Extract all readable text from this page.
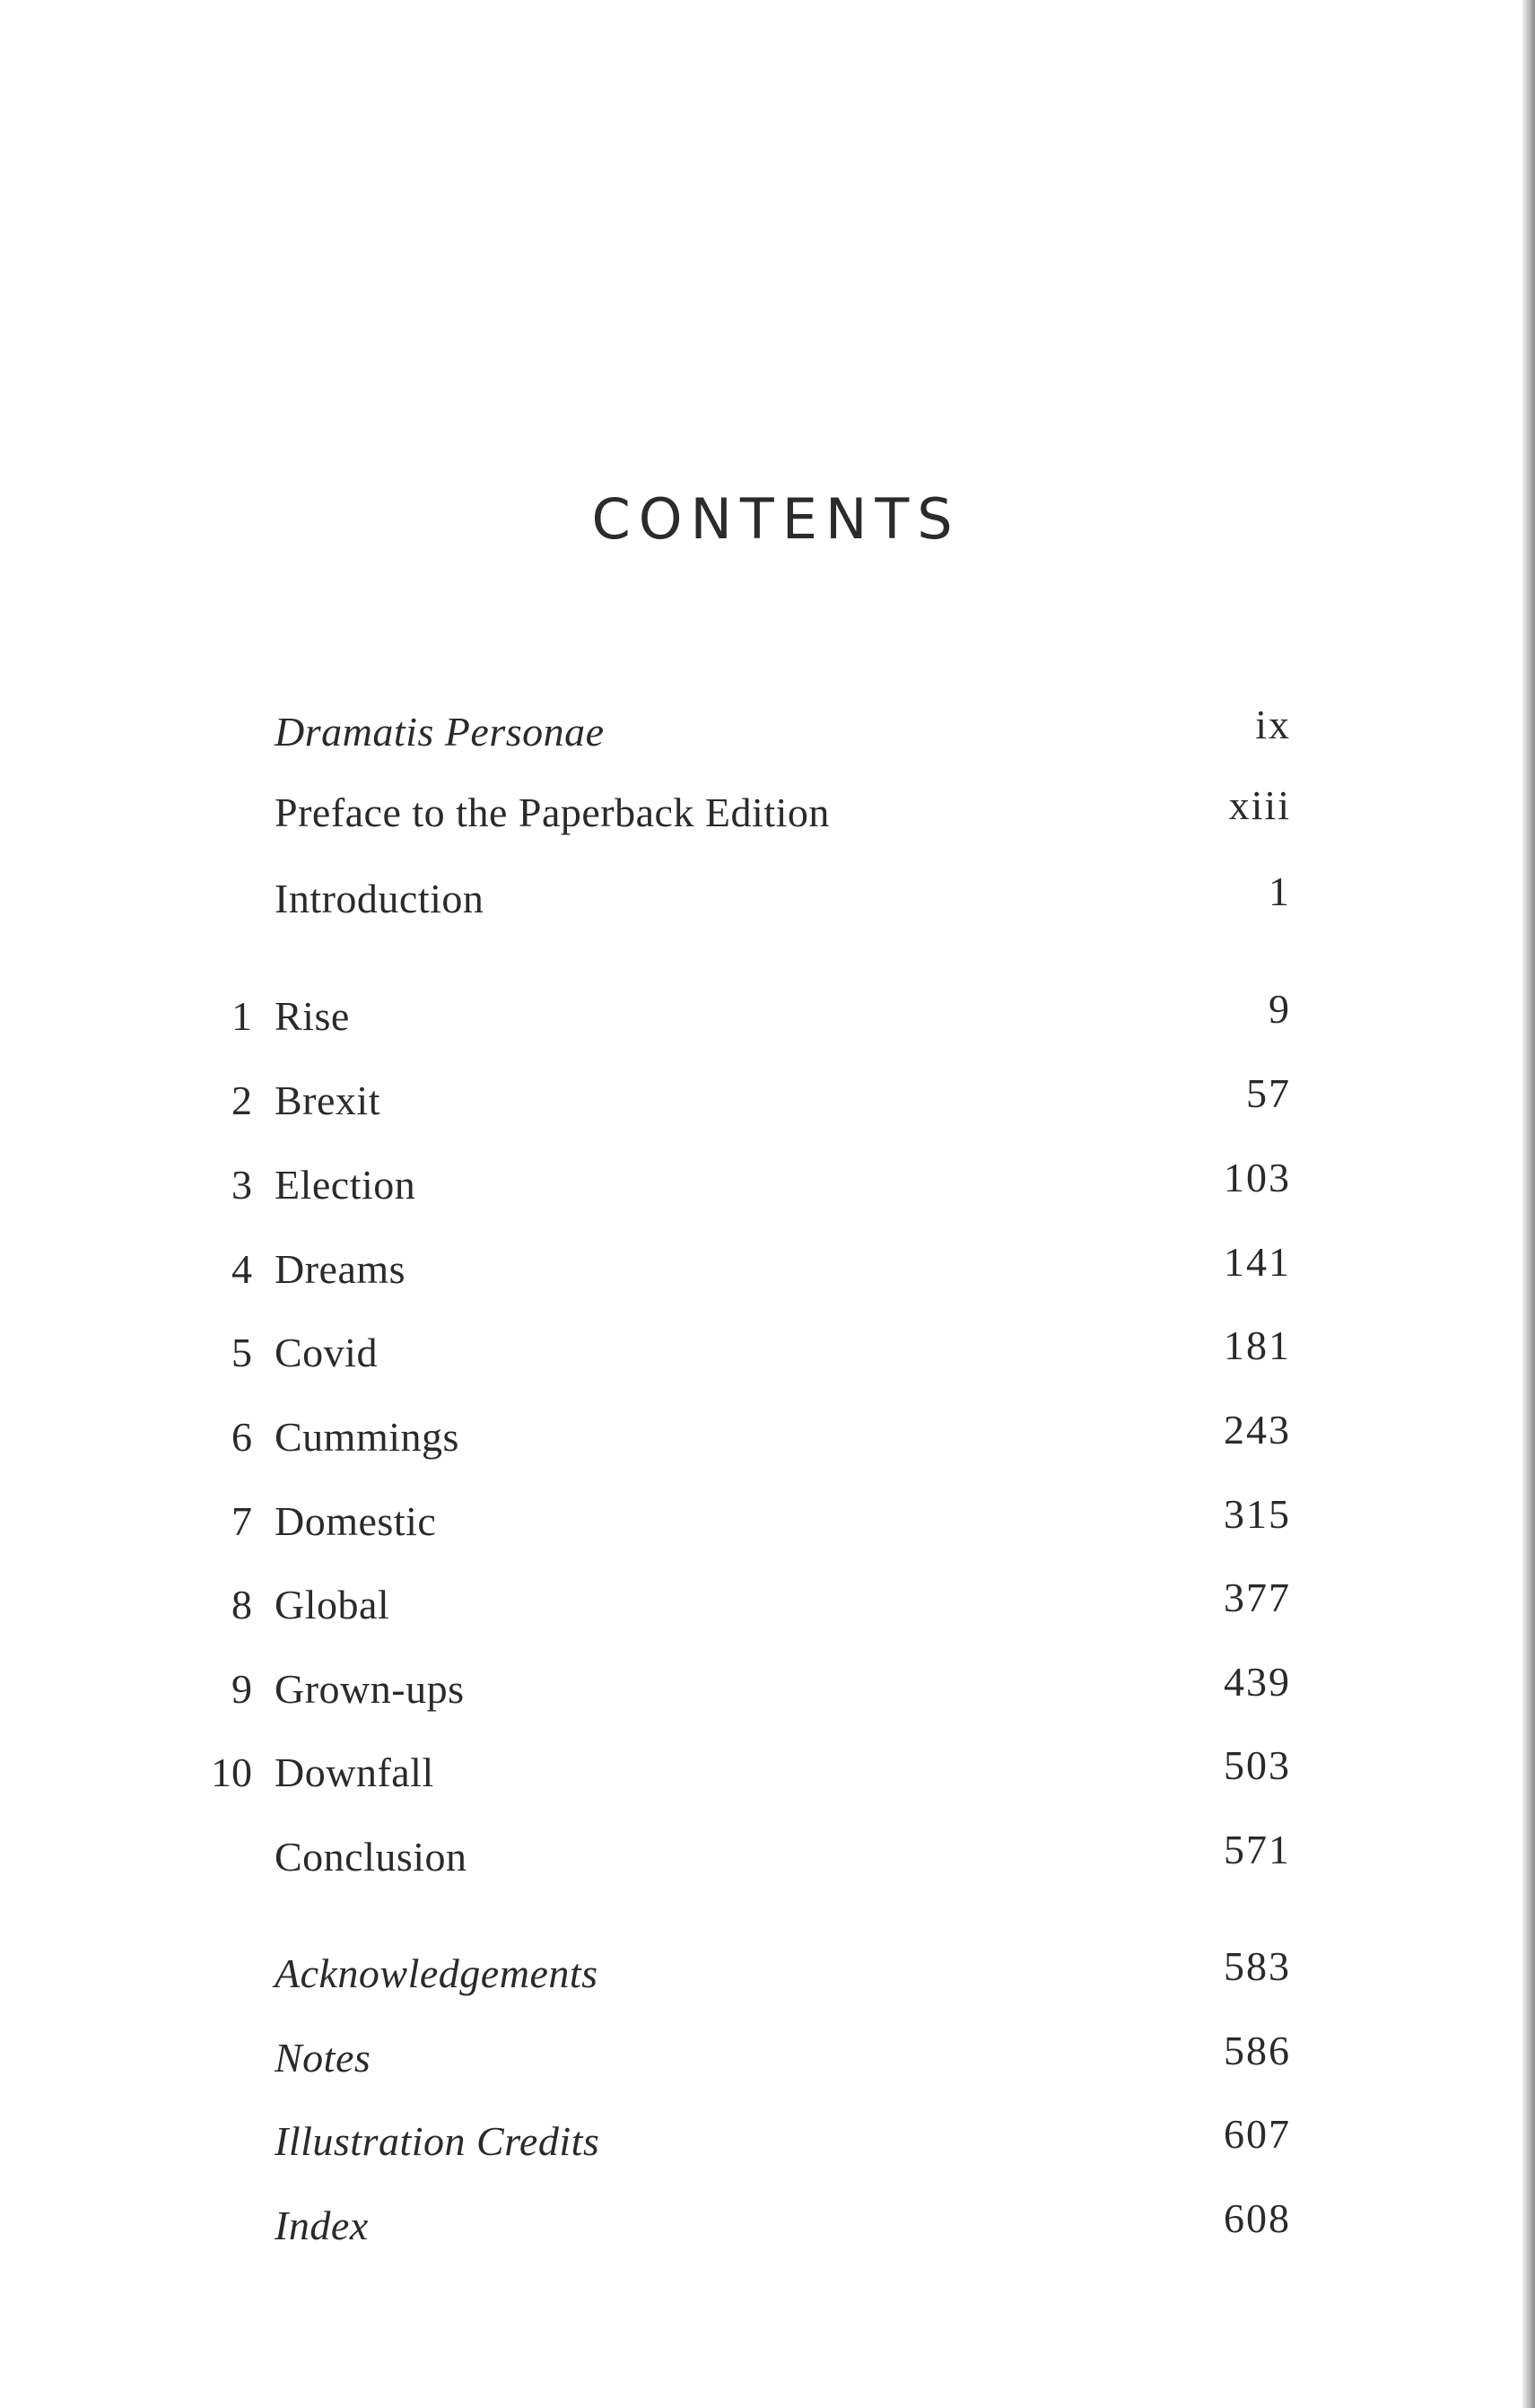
CONTENTS
Dramatis Personae	ix
Preface to the Paperback Edition	xiii
Introduction	1
1 Rise	9
2 Brexit	57
3 Election	103
4 Dreams	141
5 Covid	181
6 Cummings	243
7 Domestic	315
8 Global	377
9 Grown-ups	439
10 Downfall	503
Conclusion	571
Acknowledgements	583
Notes	586
Illustration Credits	607
Index	608
